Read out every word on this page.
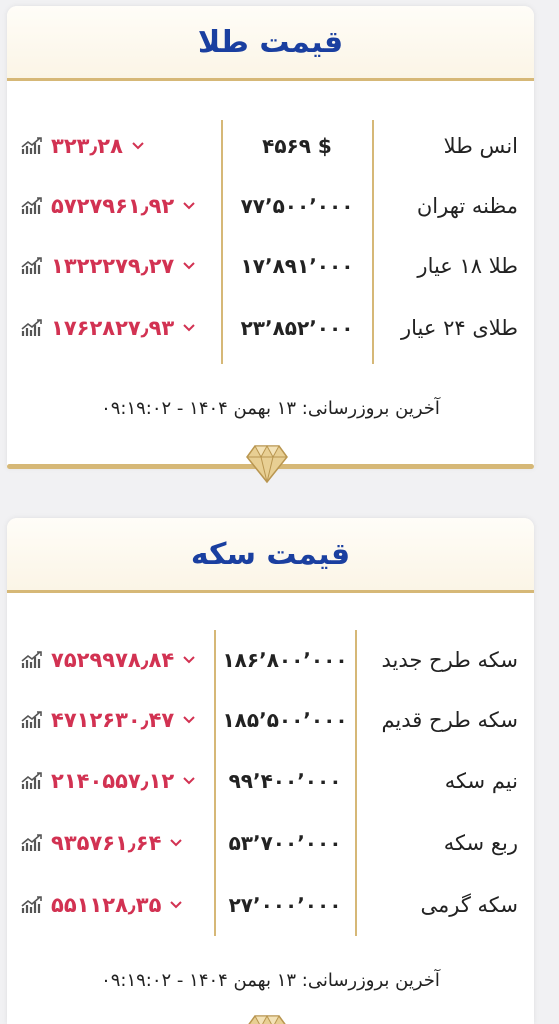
قیمت طلا
۳۲۳٫۲۸	۴۵۶۹ $	انس طلا
۵۷۲۷۹۶۱٫۹۲	۷۷٬۵۰۰٬۰۰۰	مظنه تهران
۱۳۲۲۲۷۹٫۲۷	۱۷٬۸۹۱٬۰۰۰	طلا ۱۸ عیار
۱۷۶۲۸۲۷٫۹۳	۲۳٬۸۵۲٬۰۰۰	طلای ۲۴ عیار
آخرین بروزرسانی: ۱۳ بهمن ۱۴۰۴ - ۰۹:۱۹:۰۲
قیمت سکه
۷۵۲۹۹۷۸٫۸۴	۱۸۶٬۸۰۰٬۰۰۰	سکه طرح جدید
۴۷۱۲۶۳۰٫۴۷	۱۸۵٬۵۰۰٬۰۰۰	سکه طرح قدیم
۲۱۴۰۵۵۷٫۱۲	۹۹٬۴۰۰٬۰۰۰	نیم سکه
۹۳۵۷۶۱٫۶۴	۵۳٬۷۰۰٬۰۰۰	ربع سکه
۵۵۱۱۲۸٫۳۵	۲۷٬۰۰۰٬۰۰۰	سکه گرمی
آخرین بروزرسانی: ۱۳ بهمن ۱۴۰۴ - ۰۹:۱۹:۰۲
